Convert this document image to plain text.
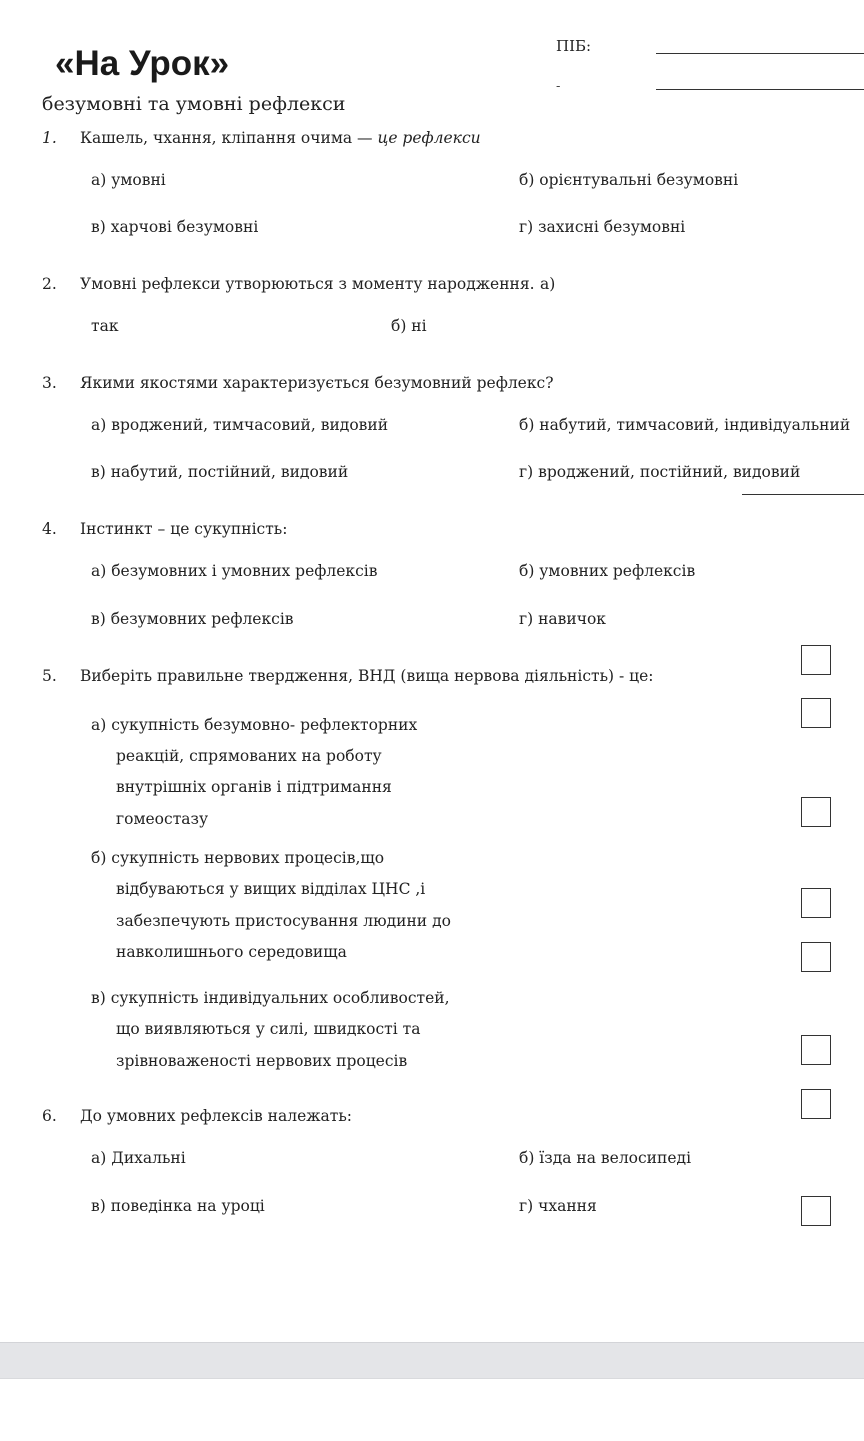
«На Урок»
безумовні та умовні рефлекси
ПІБ:
-
1. Кашель, чхання, кліпання очима — це рефлекси
а) умовні	б) орієнтувальні безумовні
в) харчові безумовні	г) захисні безумовні
2. Умовні рефлекси утворюються з моменту народження. а)
так	б) ні
3. Якими якостями характеризується безумовний рефлекс?
а) вроджений, тимчасовий, видовий	б) набутий, тимчасовий, індивідуальний
в) набутий, постійний, видовий	г) вроджений, постійний, видовий
4. Інстинкт – це сукупність:
а) безумовних і умовних рефлексів	б) умовних рефлексів
в) безумовних рефлексів	г) навичок
5. Виберіть правильне твердження, ВНД (вища нервова діяльність) - це:
а) сукупність безумовно- рефлекторних
реакцій, спрямованих на роботу
внутрішніх органів і підтримання
гомеостазу
б) сукупність нервових процесів,що
відбуваються у вищих відділах ЦНС ,і
забезпечують пристосування людини до
навколишнього середовища
в) сукупність індивідуальних особливостей,
що виявляються у силі, швидкості та
зрівноваженості нервових процесів
6. До умовних рефлексів належать:
а) Дихальні	б) їзда на велосипеді
в) поведінка на уроці	г) чхання
